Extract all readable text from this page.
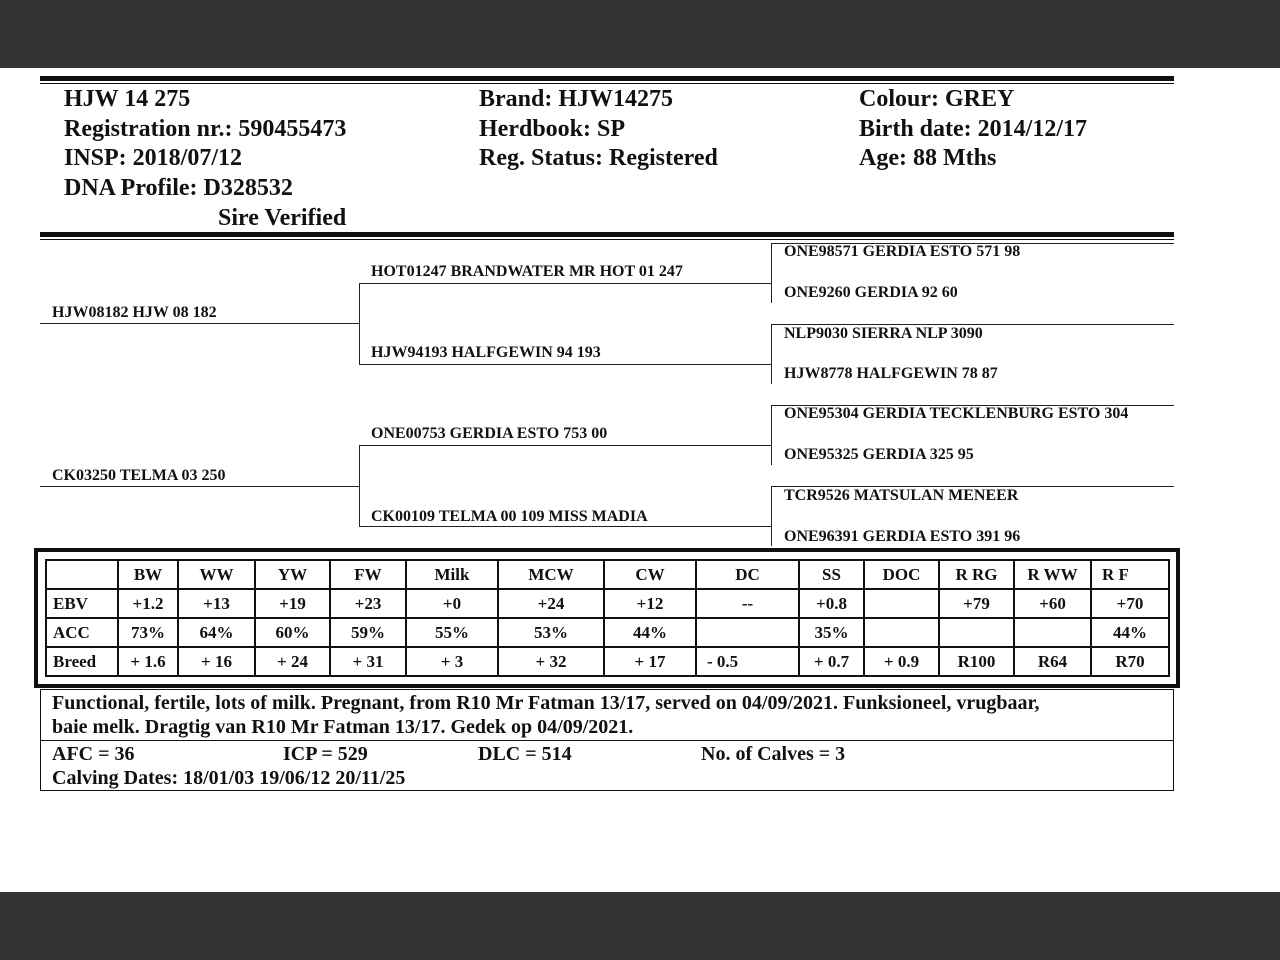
HJW 14 275
Registration nr.: 590455473
INSP: 2018/07/12
DNA Profile: D328532
Sire Verified
Brand: HJW14275
Herdbook: SP
Reg. Status: Registered
Colour: GREY
Birth date: 2014/12/17
Age: 88 Mths
HJW08182 HJW 08 182
CK03250 TELMA 03 250
HOT01247 BRANDWATER MR HOT 01 247
HJW94193 HALFGEWIN 94 193
ONE00753 GERDIA ESTO 753 00
CK00109 TELMA 00 109 MISS MADIA
ONE98571 GERDIA ESTO 571 98
ONE9260 GERDIA 92 60
NLP9030 SIERRA NLP 3090
HJW8778 HALFGEWIN 78 87
ONE95304 GERDIA TECKLENBURG ESTO 304
ONE95325 GERDIA 325 95
TCR9526 MATSULAN MENEER
ONE96391 GERDIA ESTO 391 96
	BW	WW	YW	FW	Milk	MCW	CW	DC	SS	DOC	R RG	R WW	R F
EBV	+1.2	+13	+19	+23	+0	+24	+12	--	+0.8		+79	+60	+70
ACC	73%	64%	60%	59%	55%	53%	44%		35%				44%
Breed	+ 1.6	+ 16	+ 24	+ 31	+ 3	+ 32	+ 17	- 0.5	+ 0.7	+ 0.9	R100	R64	R70
Functional, fertile, lots of milk. Pregnant, from R10 Mr Fatman 13/17, served on 04/09/2021. Funksioneel, vrugbaar,
baie melk. Dragtig van R10 Mr Fatman 13/17. Gedek op 04/09/2021.
AFC = 36	ICP = 529	DLC = 514	No. of Calves = 3
Calving Dates: 18/01/03 19/06/12 20/11/25
